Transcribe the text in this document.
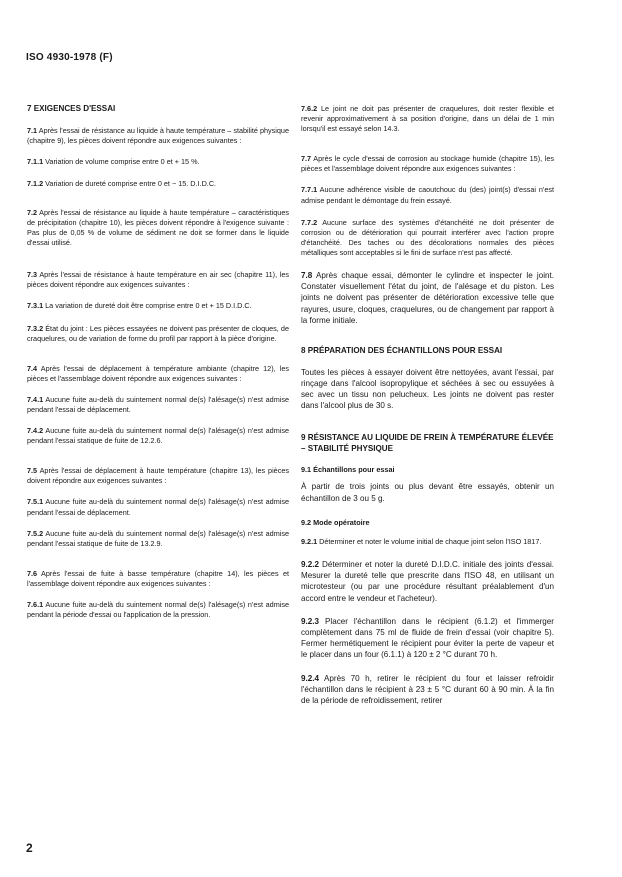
ISO 4930-1978 (F)
7 EXIGENCES D'ESSAI

7.1 Après l'essai de résistance au liquide à haute température – stabilité physique (chapitre 9), les pièces doivent répondre aux exigences suivantes :

7.1.1 Variation de volume comprise entre 0 et + 15 %.

7.1.2 Variation de dureté comprise entre 0 et − 15. D.I.D.C.

7.2 Après l'essai de résistance au liquide à haute température – caractéristiques de précipitation (chapitre 10), les pièces doivent répondre à l'exigence suivante : Pas plus de 0,05 % de volume de sédiment ne doit se former dans le liquide d'essai utilisé.

7.3 Après l'essai de résistance à haute température en air sec (chapitre 11), les pièces doivent répondre aux exigences suivantes :

7.3.1 La variation de dureté doit être comprise entre 0 et + 15 D.I.D.C.

7.3.2 État du joint : Les pièces essayées ne doivent pas présenter de cloques, de craquelures, ou de variation de forme du profil par rapport à la pièce d'origine.

7.4 Après l'essai de déplacement à température ambiante (chapitre 12), les pièces et l'assemblage doivent répondre aux exigences suivantes :

7.4.1 Aucune fuite au-delà du suintement normal de(s) l'alésage(s) n'est admise pendant l'essai de déplacement.

7.4.2 Aucune fuite au-delà du suintement normal de(s) l'alésage(s) n'est admise pendant l'essai statique de fuite de 12.2.6.

7.5 Après l'essai de déplacement à haute température (chapitre 13), les pièces doivent répondre aux exigences suivantes :

7.5.1 Aucune fuite au-delà du suintement normal de(s) l'alésage(s) n'est admise pendant l'essai de déplacement.

7.5.2 Aucune fuite au-delà du suintement normal de(s) l'alésage(s) n'est admise pendant l'essai statique de fuite de 13.2.9.

7.6 Après l'essai de fuite à basse température (chapitre 14), les pièces et l'assemblage doivent répondre aux exigences suivantes :

7.6.1 Aucune fuite au-delà du suintement normal de(s) l'alésage(s) n'est admise pendant la période d'essai ou l'application de la pression.

7.6.2 Le joint ne doit pas présenter de craquelures, doit rester flexible et revenir approximativement à sa position d'origine, dans un délai de 1 min lorsqu'il est essayé selon 14.3.

7.7 Après le cycle d'essai de corrosion au stockage humide (chapitre 15), les pièces et l'assemblage doivent répondre aux exigences suivantes :

7.7.1 Aucune adhérence visible de caoutchouc du (des) joint(s) d'essai n'est admise pendant le démontage du frein essayé.

7.7.2 Aucune surface des systèmes d'étanchéité ne doit présenter de corrosion ou de détérioration qui pourrait interférer avec l'action propre d'étanchéité. Des taches ou des décolorations normales des pièces métalliques sont acceptables si le fini de surface n'est pas affecté.

7.8 Après chaque essai, démonter le cylindre et inspecter le joint. Constater visuellement l'état du joint, de l'alésage et du piston. Les joints ne doivent pas présenter de détérioration excessive telle que rayures, usure, cloques, craquelures, ou de changement par rapport à la forme initiale.

8 PRÉPARATION DES ÉCHANTILLONS POUR ESSAI

Toutes les pièces à essayer doivent être nettoyées, avant l'essai, par rinçage dans l'alcool isopropylique et séchées à sec ou essuyées à sec avec un tissu non pelucheux. Les joints ne doivent pas rester dans l'alcool plus de 30 s.

9 RÉSISTANCE AU LIQUIDE DE FREIN À TEMPÉRATURE ÉLEVÉE – STABILITÉ PHYSIQUE

9.1 Échantillons pour essai

À partir de trois joints ou plus devant être essayés, obtenir un échantillon de 3 ou 5 g.

9.2 Mode opératoire

9.2.1 Déterminer et noter le volume initial de chaque joint selon l'ISO 1817.

9.2.2 Déterminer et noter la dureté D.I.D.C. initiale des joints d'essai. Mesurer la dureté telle que prescrite dans l'ISO 48, en utilisant un microtesteur (ou par une procédure résultant préalablement d'un accord entre le vendeur et l'acheteur).

9.2.3 Placer l'échantillon dans le récipient (6.1.2) et l'immerger complètement dans 75 ml de fluide de frein d'essai (voir chapitre 5). Fermer hermétiquement le récipient pour éviter la perte de vapeur et le placer dans un four (6.1.1) à 120 ± 2 °C durant 70 h.

9.2.4 Après 70 h, retirer le récipient du four et laisser refroidir l'échantillon dans le récipient à 23 ± 5 °C durant 60 à 90 min. À la fin de la période de refroidissement, retirer

2
